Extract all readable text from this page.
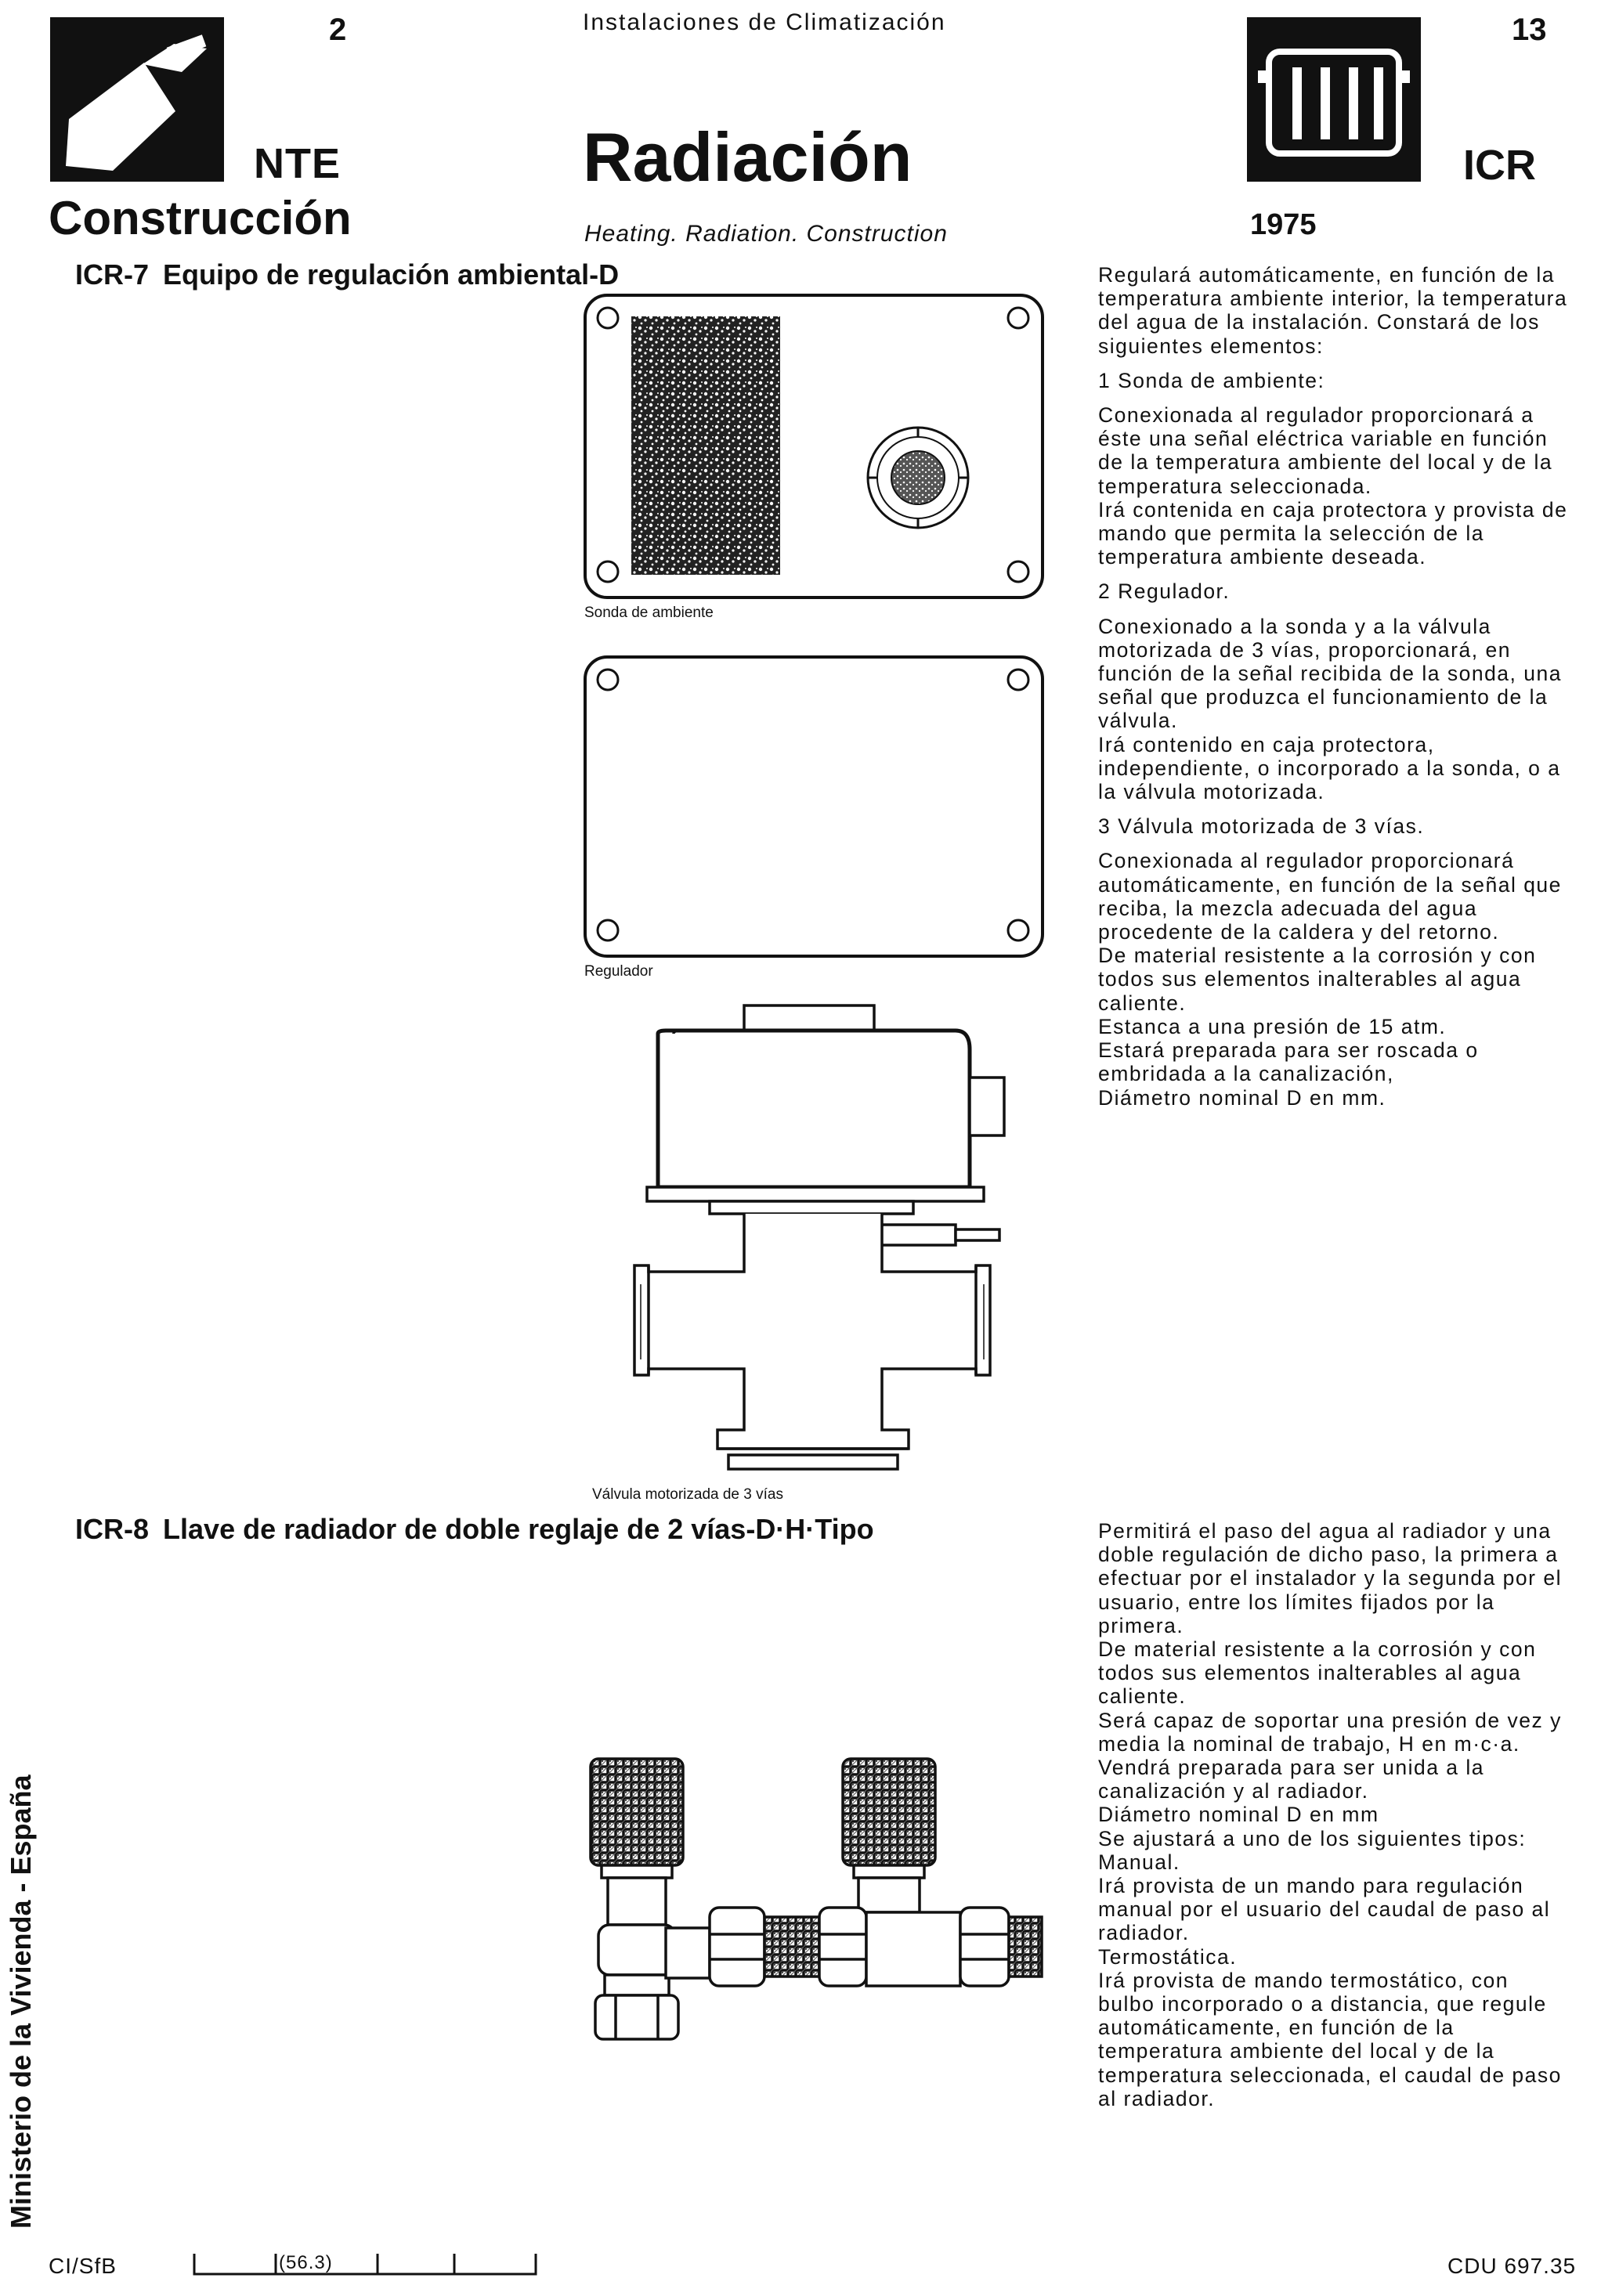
2
NTE
Construcción
Instalaciones de Climatización
Radiación
Heating. Radiation. Construction
13
ICR
1975
ICR-7 Equipo de regulación ambiental-D
Sonda de ambiente
Regulador
Válvula motorizada de 3 vías

Regulará automáticamente, en función de la temperatura ambiente interior, la temperatura del agua de la instalación. Constará de los siguientes elementos:

1 Sonda de ambiente:

Conexionada al regulador proporcionará a éste una señal eléctrica variable en función de la temperatura ambiente del local y de la temperatura seleccionada.

Irá contenida en caja protectora y provista de mando que permita la selección de la temperatura ambiente deseada.

2 Regulador.

Conexionado a la sonda y a la válvula motorizada de 3 vías, proporcionará, en función de la señal recibida de la sonda, una señal que produzca el funcionamiento de la válvula.

Irá contenido en caja protectora, independiente, o incorporado a la sonda, o a la válvula motorizada.

3 Válvula motorizada de 3 vías.

Conexionada al regulador proporcionará automáticamente, en función de la señal que reciba, la mezcla adecuada del agua procedente de la caldera y del retorno.

De material resistente a la corrosión y con todos sus elementos inalterables al agua caliente.

Estanca a una presión de 15 atm.

Estará preparada para ser roscada o embridada a la canalización,

Diámetro nominal D en mm.

ICR-8 Llave de radiador de doble reglaje de 2 vías-D·H·Tipo	Permitirá el paso del agua al radiador y una doble regulación de dicho paso, la primera a efectuar por el instalador y la segunda por el usuario, entre los límites fijados por la primera.

De material resistente a la corrosión y con todos sus elementos inalterables al agua caliente.

Será capaz de soportar una presión de vez y media la nominal de trabajo, H en m·c·a.

Vendrá preparada para ser unida a la canalización y al radiador.

Diámetro nominal D en mm

Se ajustará a uno de los siguientes tipos:

Manual.

Irá provista de un mando para regulación manual por el usuario del caudal de paso al radiador.

Termostática.

Irá provista de mando termostático, con bulbo incorporado o a distancia, que regule automáticamente, en función de la temperatura ambiente del local y de la temperatura seleccionada, el caudal de paso al radiador.

Ministerio de la Vivienda - España
CI/SfB	(56.3)	CDU 697.35
